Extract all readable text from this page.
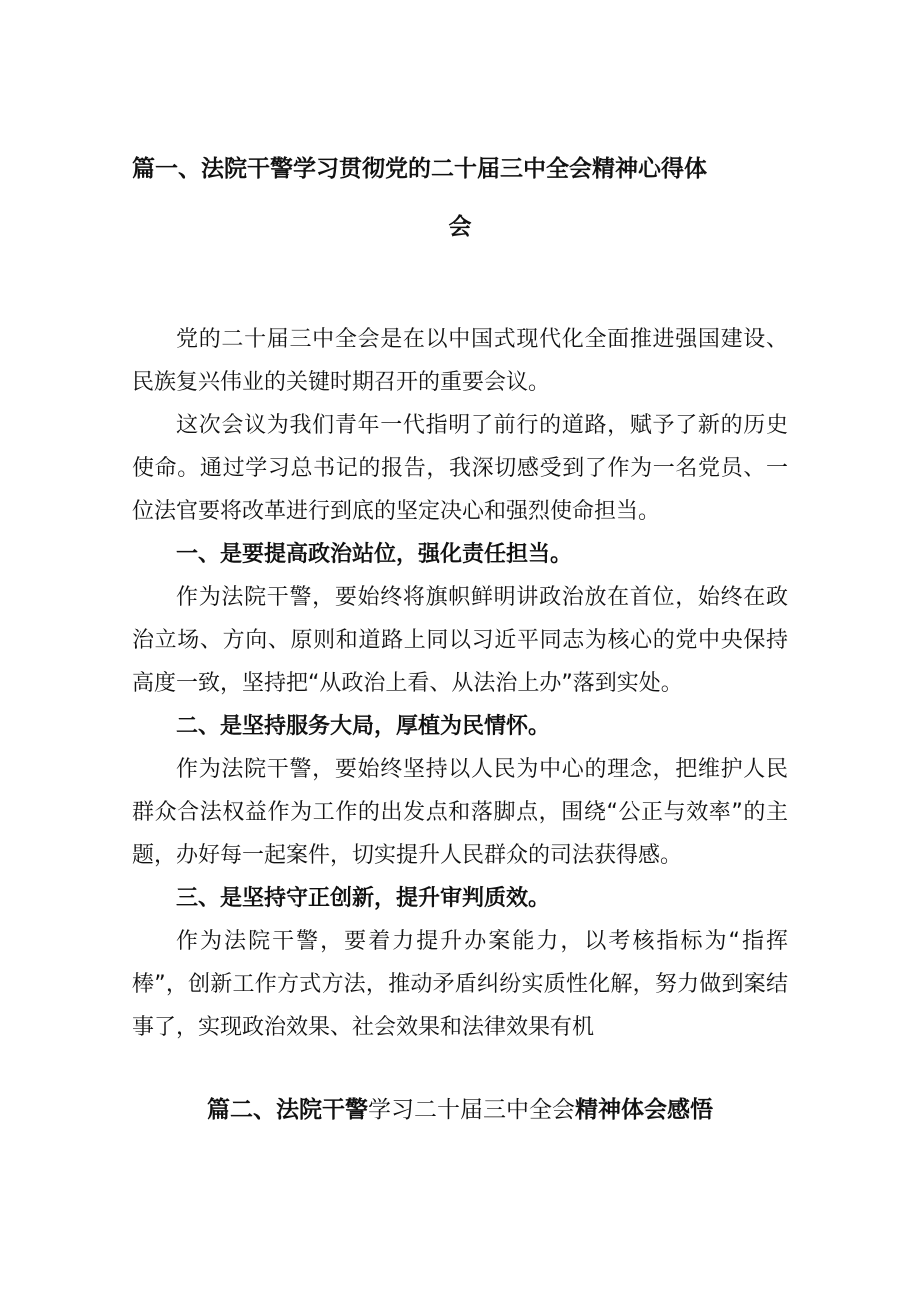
篇一、法院干警学习贯彻党的二十届三中全会精神心得体
会

党的二十届三中全会是在以中国式现代化全面推进强国建设、民族复兴伟业的关键时期召开的重要会议。

这次会议为我们青年一代指明了前行的道路，赋予了新的历史使命。通过学习总书记的报告，我深切感受到了作为一名党员、一位法官要将改革进行到底的坚定决心和强烈使命担当。

一、是要提高政治站位，强化责任担当。

作为法院干警，要始终将旗帜鲜明讲政治放在首位，始终在政治立场、方向、原则和道路上同以习近平同志为核心的党中央保持高度一致，坚持把“从政治上看、从法治上办”落到实处。

二、是坚持服务大局，厚植为民情怀。

作为法院干警，要始终坚持以人民为中心的理念，把维护人民群众合法权益作为工作的出发点和落脚点，围绕“公正与效率”的主题，办好每一起案件，切实提升人民群众的司法获得感。

三、是坚持守正创新，提升审判质效。

作为法院干警，要着力提升办案能力，以考核指标为“指挥棒”，创新工作方式方法，推动矛盾纠纷实质性化解，努力做到案结事了，实现政治效果、社会效果和法律效果有机

篇二、法院干警学习二十届三中全会精神体会感悟
